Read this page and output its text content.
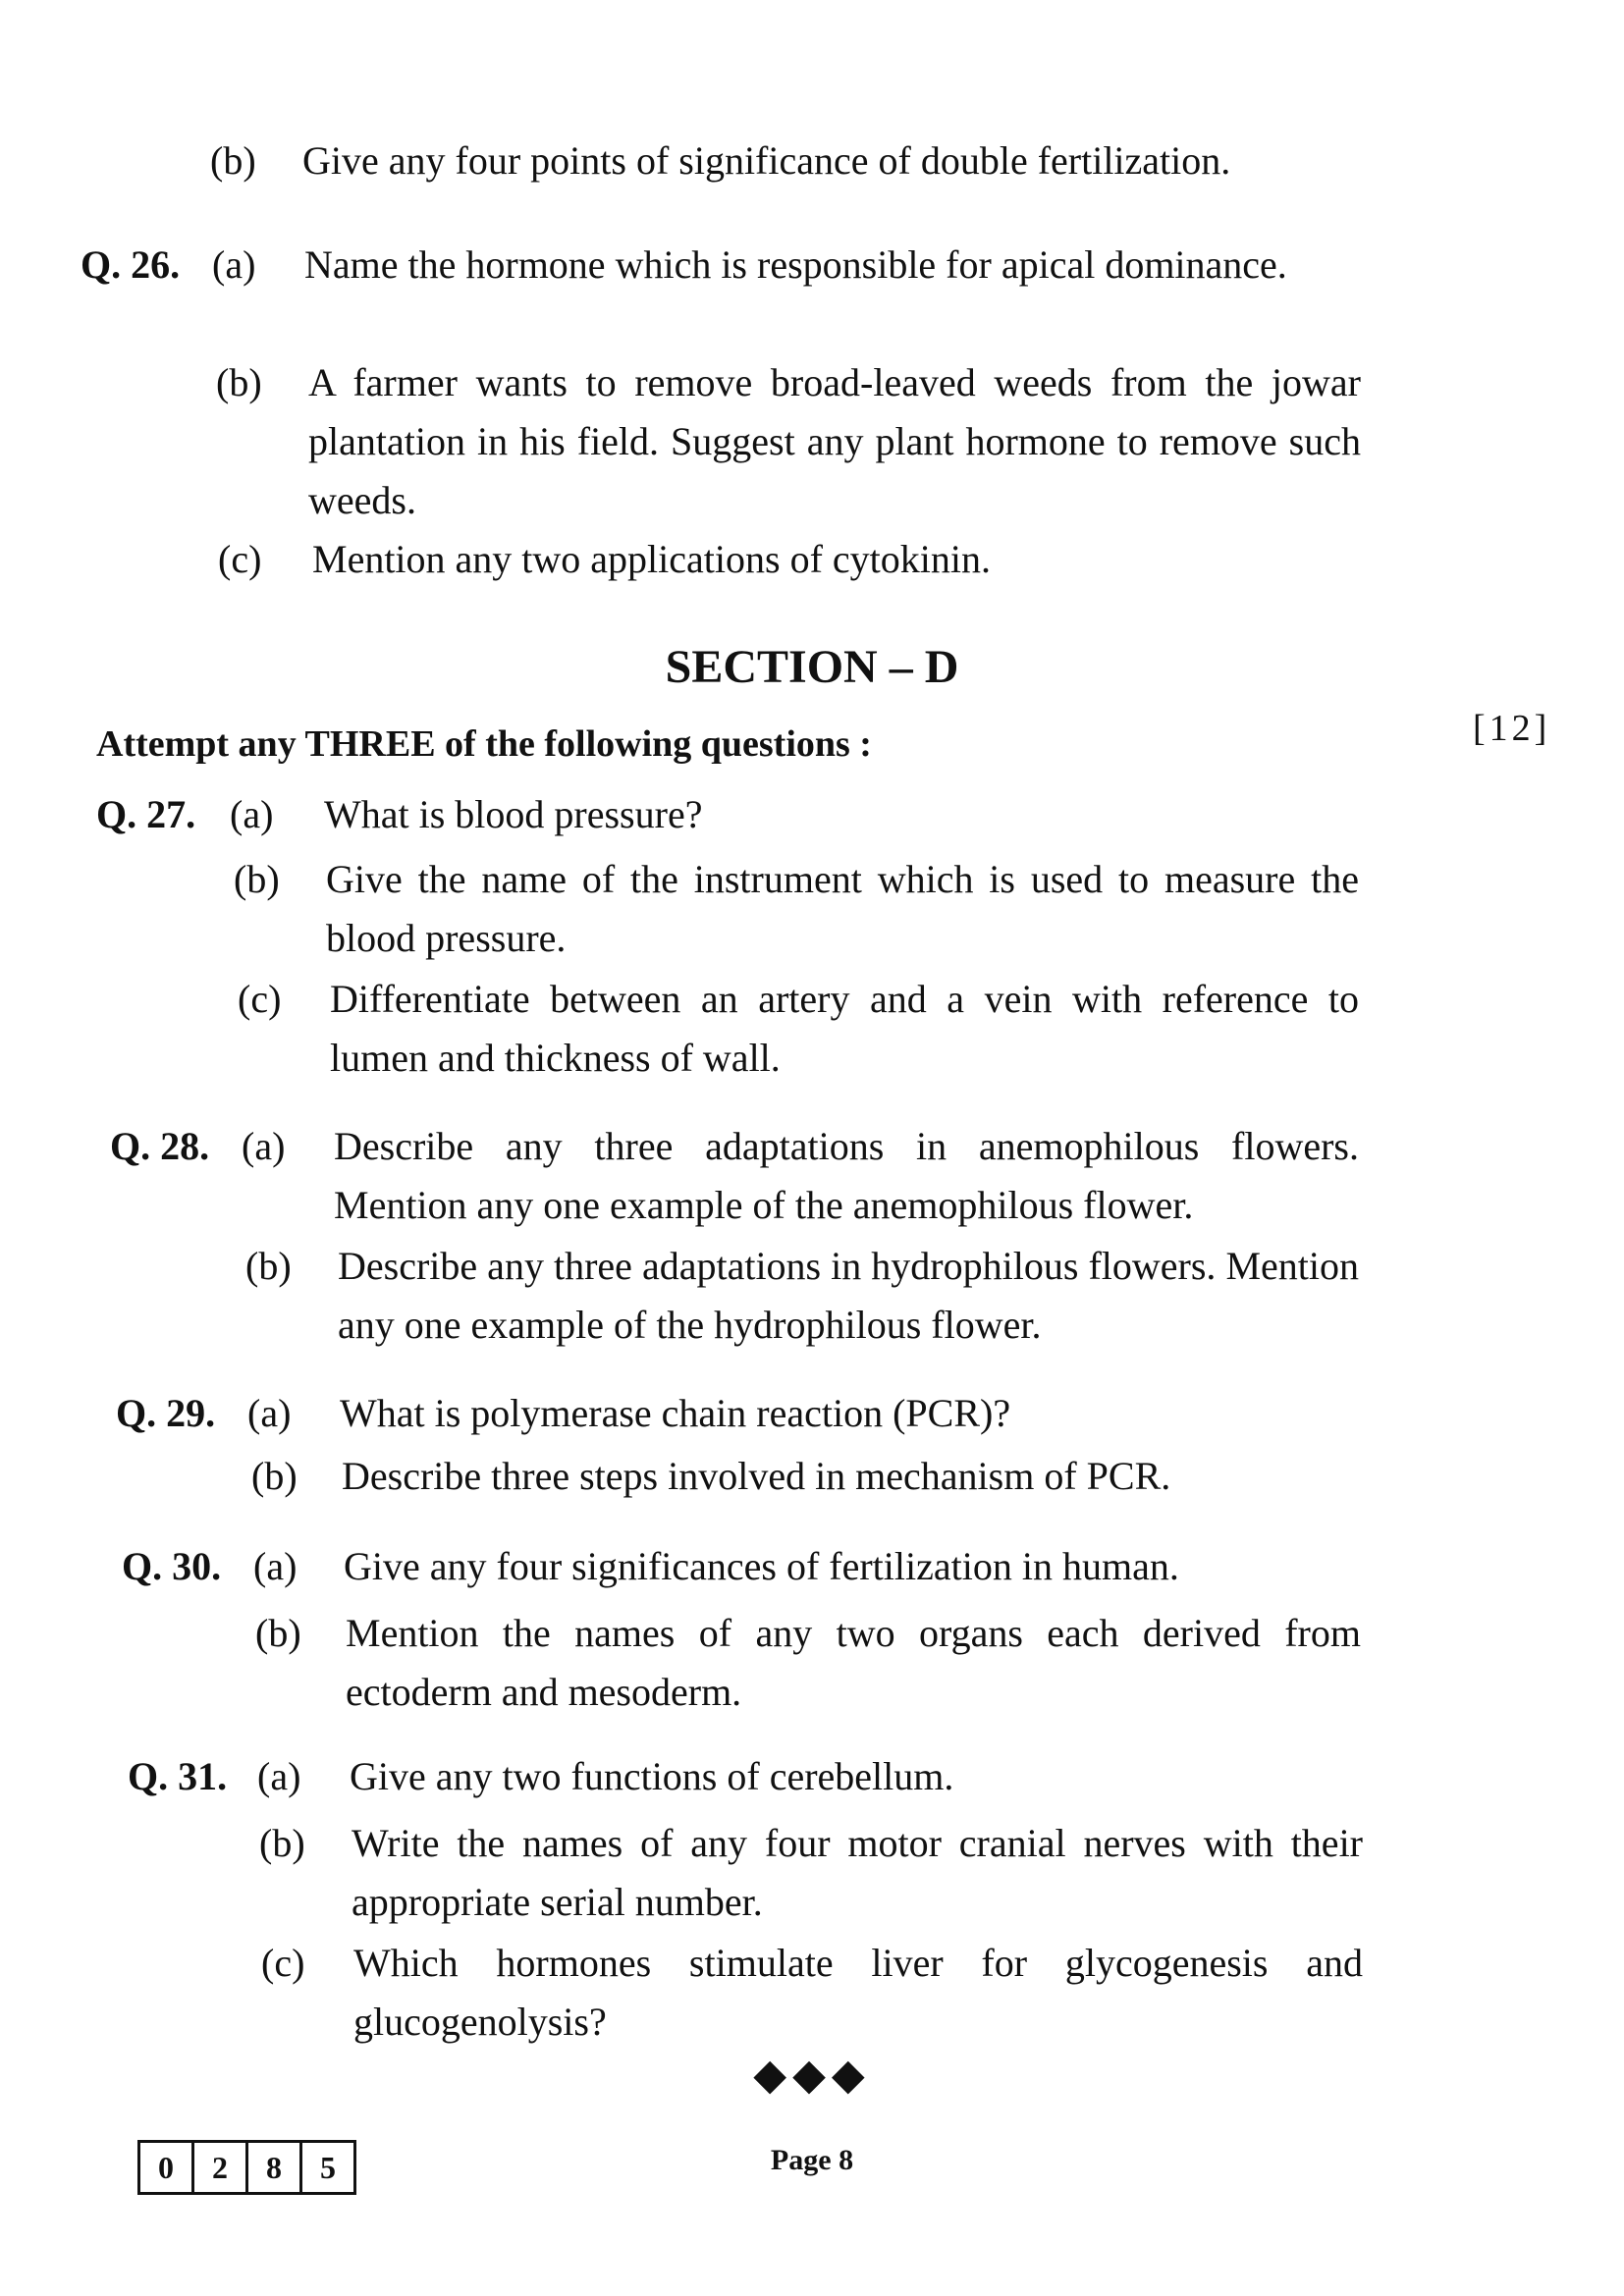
(b) Give any four points of significance of double fertilization.
Q. 26. (a) Name the hormone which is responsible for apical dominance.
(b) A farmer wants to remove broad-leaved weeds from the jowar plantation in his field. Suggest any plant hormone to remove such weeds.
(c) Mention any two applications of cytokinin.
SECTION – D
Attempt any THREE of the following questions :	[12]
Q. 27. (a) What is blood pressure?
(b) Give the name of the instrument which is used to measure the blood pressure.
(c) Differentiate between an artery and a vein with reference to lumen and thickness of wall.
Q. 28. (a) Describe any three adaptations in anemophilous flowers. Mention any one example of the anemophilous flower.
(b) Describe any three adaptations in hydrophilous flowers. Mention any one example of the hydrophilous flower.
Q. 29. (a) What is polymerase chain reaction (PCR)?
(b) Describe three steps involved in mechanism of PCR.
Q. 30. (a) Give any four significances of fertilization in human.
(b) Mention the names of any two organs each derived from ectoderm and mesoderm.
Q. 31. (a) Give any two functions of cerebellum.
(b) Write the names of any four motor cranial nerves with their appropriate serial number.
(c) Which hormones stimulate liver for glycogenesis and glucogenolysis?
◆◆◆
0	2	8	5	Page 8
